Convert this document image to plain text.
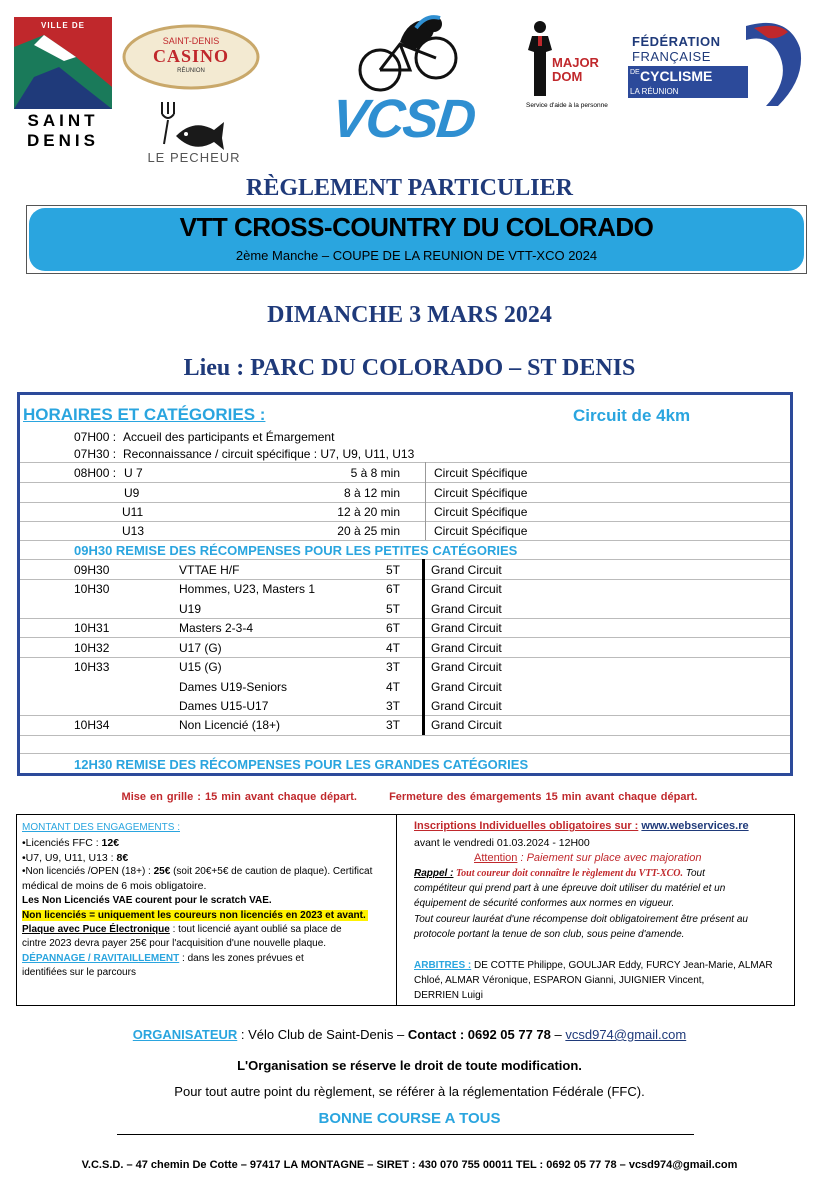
VILLE DE
SAINT
DENIS
SAINT-DENIS
CASINO
RÉUNION
LE PECHEUR
VCSD
MAJOR
DOM
Service d'aide à la personne
FÉDÉRATION
FRANÇAISE
DE CYCLISME
LA RÉUNION
RÈGLEMENT PARTICULIER
VTT CROSS-COUNTRY DU COLORADO
2ème Manche – COUPE DE LA REUNION DE VTT-XCO 2024
DIMANCHE 3 MARS 2024
Lieu : PARC DU COLORADO – ST DENIS
HORAIRES ET CATÉGORIES :	Circuit de 4km
07H00 : Accueil des participants et Émargement
07H30 : Reconnaissance / circuit spécifique : U7, U9, U11, U13
08H00 : U 7	5 à 8 min	Circuit Spécifique
U9	8 à 12 min	Circuit Spécifique
U11	12 à 20 min	Circuit Spécifique
U13	20 à 25 min	Circuit Spécifique
09H30 REMISE DES RÉCOMPENSES POUR LES PETITES CATÉGORIES
09H30	VTTAE H/F	5T	Grand Circuit
10H30	Hommes, U23, Masters 1	6T	Grand Circuit
U19	5T	Grand Circuit
10H31	Masters 2-3-4	6T	Grand Circuit
10H32	U17 (G)	4T	Grand Circuit
10H33	U15 (G)	3T	Grand Circuit
Dames U19-Seniors	4T	Grand Circuit
Dames U15-U17	3T	Grand Circuit
10H34	Non Licencié (18+)	3T	Grand Circuit
12H30 REMISE DES RÉCOMPENSES POUR LES GRANDES CATÉGORIES
Mise en grille : 15 min avant chaque départ.	Fermeture des émargements 15 min avant chaque départ.
MONTANT DES ENGAGEMENTS :
•Licenciés FFC : 12€
•U7, U9, U11, U13 : 8€
•Non licenciés /OPEN (18+) : 25€ (soit 20€+5€ de caution de plaque). Certificat
médical de moins de 6 mois obligatoire.
Les Non Licenciés VAE courent pour le scratch VAE.
Non licenciés = uniquement les coureurs non licenciés en 2023 et avant.
Plaque avec Puce Électronique : tout licencié ayant oublié sa place de
cintre 2023 devra payer 25€ pour l'acquisition d'une nouvelle plaque.
DÉPANNAGE / RAVITAILLEMENT : dans les zones prévues et
identifiées sur le parcours
Inscriptions Individuelles obligatoires sur : www.webservices.re
avant le vendredi 01.03.2024 - 12H00
Attention : Paiement sur place avec majoration
Rappel : Tout coureur doit connaître le règlement du VTT-XCO. Tout
compétiteur qui prend part à une épreuve doit utiliser du matériel et un
équipement de sécurité conformes aux normes en vigueur.
Tout coureur lauréat d'une récompense doit obligatoirement être présent au
protocole portant la tenue de son club, sous peine d'amende.
ARBITRES : DE COTTE Philippe, GOULJAR Eddy, FURCY Jean-Marie, ALMAR
Chloé, ALMAR Véronique, ESPARON Gianni, JUIGNIER Vincent,
DERRIEN Luigi
ORGANISATEUR : Vélo Club de Saint-Denis – Contact : 0692 05 77 78 – vcsd974@gmail.com
L'Organisation se réserve le droit de toute modification.
Pour tout autre point du règlement, se référer à la réglementation Fédérale (FFC).
BONNE COURSE A TOUS
V.C.S.D. – 47 chemin De Cotte – 97417 LA MONTAGNE – SIRET : 430 070 755 00011 TEL : 0692 05 77 78 – vcsd974@gmail.com
